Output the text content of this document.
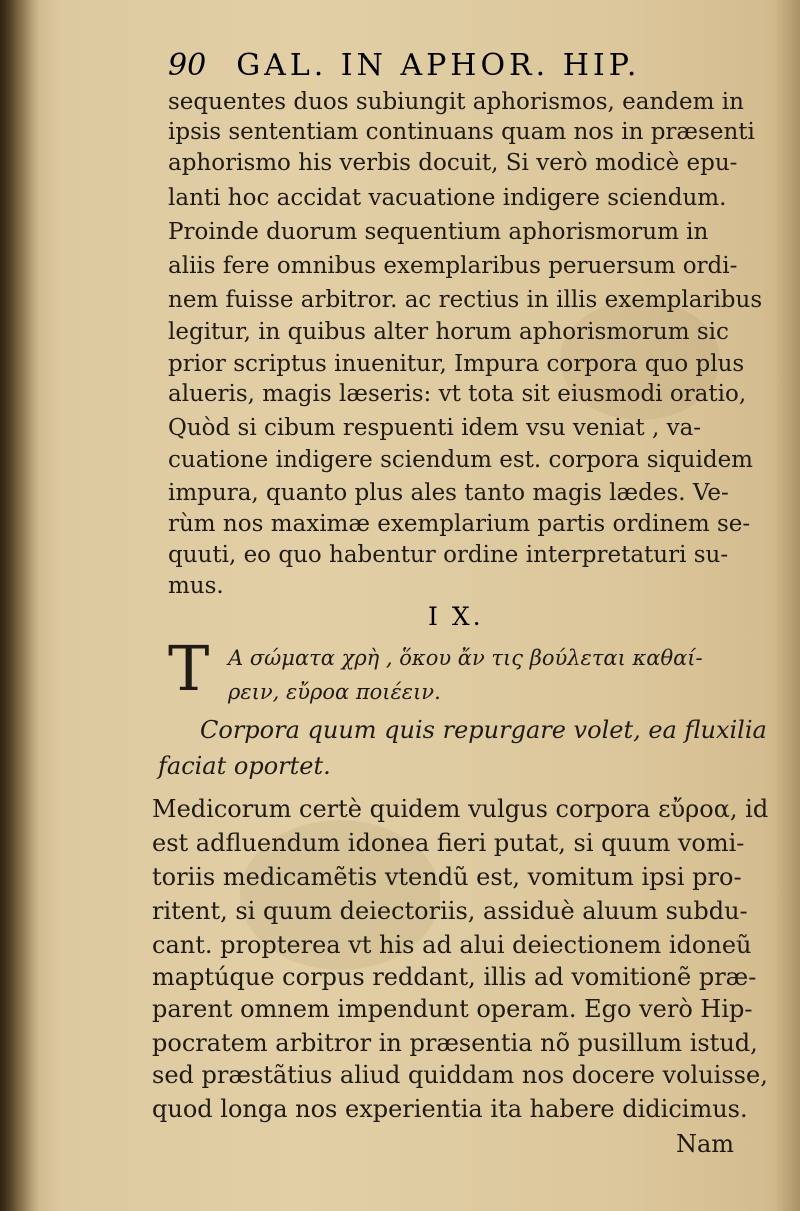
90 GAL. IN APHOR. HIP.
sequentes duos subiungit aphorismos, eandem in
ipsis sententiam continuans quam nos in præsenti
aphorismo his verbis docuit, Si verò modicè epu-
lanti hoc accidat vacuatione indigere sciendum.
Proinde duorum sequentium aphorismorum in
aliis fere omnibus exemplaribus peruersum ordi-
nem fuisse arbitror. ac rectius in illis exemplaribus
legitur, in quibus alter horum aphorismorum sic
prior scriptus inuenitur, Impura corpora quo plus
alueris, magis læseris: vt tota sit eiusmodi oratio,
Quòd si cibum respuenti idem vsu veniat , va-
cuatione indigere sciendum est. corpora siquidem
impura, quanto plus ales tanto magis lædes. Ve-
rùm nos maximæ exemplarium partis ordinem se-
quuti, eo quo habentur ordine interpretaturi su-
mus.
I X.
T Α σώματα χρὴ , ὅκου ἄν τις βούλεται καθαί-
ρειν, εὔροα ποιέειν.
Corpora quum quis repurgare volet, ea fluxilia
faciat oportet.
Medicorum certè quidem vulgus corpora εὔροα, id
est adfluendum idonea fieri putat, si quum vomi-
toriis medicamẽtis vtendũ est, vomitum ipsi pro-
ritent, si quum deiectoriis, assiduè aluum subdu-
cant. propterea vt his ad alui deiectionem idoneũ
maptúque corpus reddant, illis ad vomitionẽ præ-
parent omnem impendunt operam. Ego verò Hip-
pocratem arbitror in præsentia nõ pusillum istud,
sed præstãtius aliud quiddam nos docere voluisse,
quod longa nos experientia ita habere didicimus.
Nam
